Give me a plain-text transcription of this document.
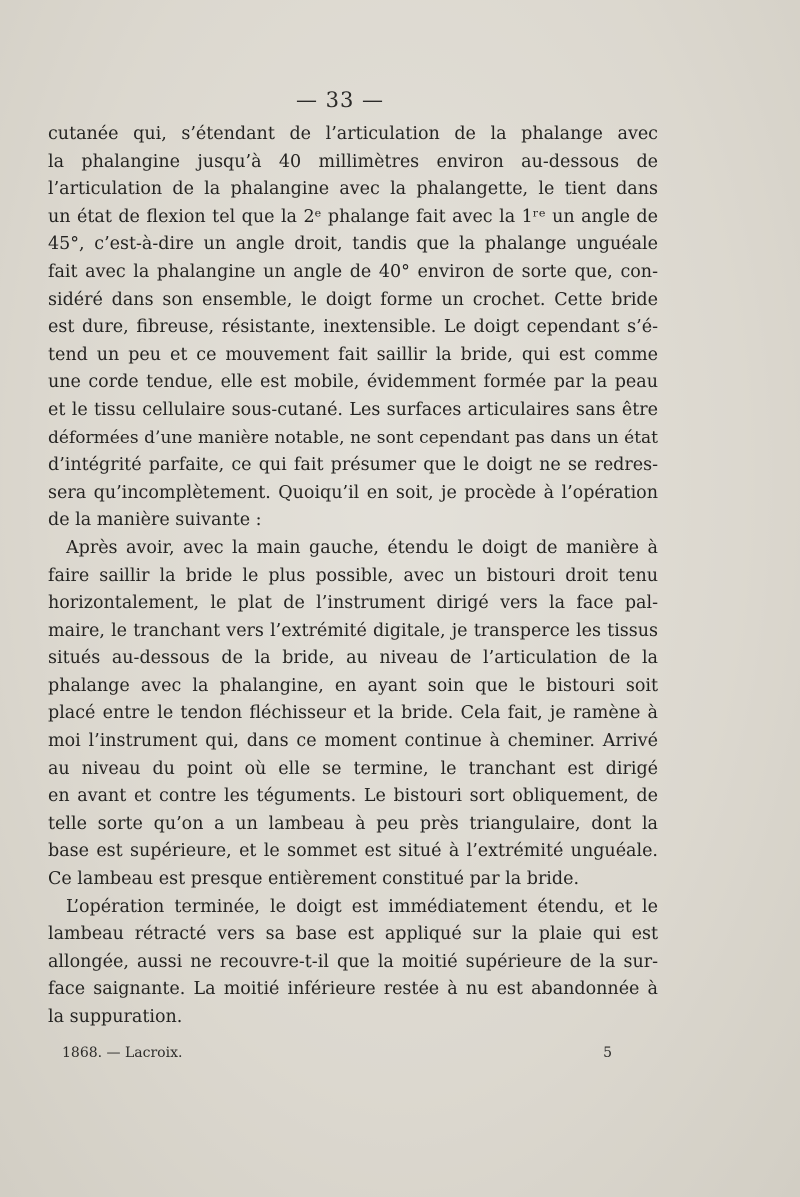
— 33 —
cutanée qui, s’étendant de l’articulation de la phalange avec
la phalangine jusqu’à 40 millimètres environ au-dessous de
l’articulation de la phalangine avec la phalangette, le tient dans
un état de flexion tel que la 2ᵉ phalange fait avec la 1ʳᵉ un angle de
45°, c’est-à-dire un angle droit, tandis que la phalange unguéale
fait avec la phalangine un angle de 40° environ de sorte que, con-
sidéré dans son ensemble, le doigt forme un crochet. Cette bride
est dure, fibreuse, résistante, inextensible. Le doigt cependant s’é-
tend un peu et ce mouvement fait saillir la bride, qui est comme
une corde tendue, elle est mobile, évidemment formée par la peau
et le tissu cellulaire sous-cutané. Les surfaces articulaires sans être
déformées d’une manière notable, ne sont cependant pas dans un état
d’intégrité parfaite, ce qui fait présumer que le doigt ne se redres-
sera qu’incomplètement. Quoiqu’il en soit, je procède à l’opération
de la manière suivante :
Après avoir, avec la main gauche, étendu le doigt de manière à
faire saillir la bride le plus possible, avec un bistouri droit tenu
horizontalement, le plat de l’instrument dirigé vers la face pal-
maire, le tranchant vers l’extrémité digitale, je transperce les tissus
situés au-dessous de la bride, au niveau de l’articulation de la
phalange avec la phalangine, en ayant soin que le bistouri soit
placé entre le tendon fléchisseur et la bride. Cela fait, je ramène à
moi l’instrument qui, dans ce moment continue à cheminer. Arrivé
au niveau du point où elle se termine, le tranchant est dirigé
en avant et contre les téguments. Le bistouri sort obliquement, de
telle sorte qu’on a un lambeau à peu près triangulaire, dont la
base est supérieure, et le sommet est situé à l’extrémité unguéale.
Ce lambeau est presque entièrement constitué par la bride.
L’opération terminée, le doigt est immédiatement étendu, et le
lambeau rétracté vers sa base est appliqué sur la plaie qui est
allongée, aussi ne recouvre-t-il que la moitié supérieure de la sur-
face saignante. La moitié inférieure restée à nu est abandonnée à
la suppuration.
1868. — Lacroix.	5
